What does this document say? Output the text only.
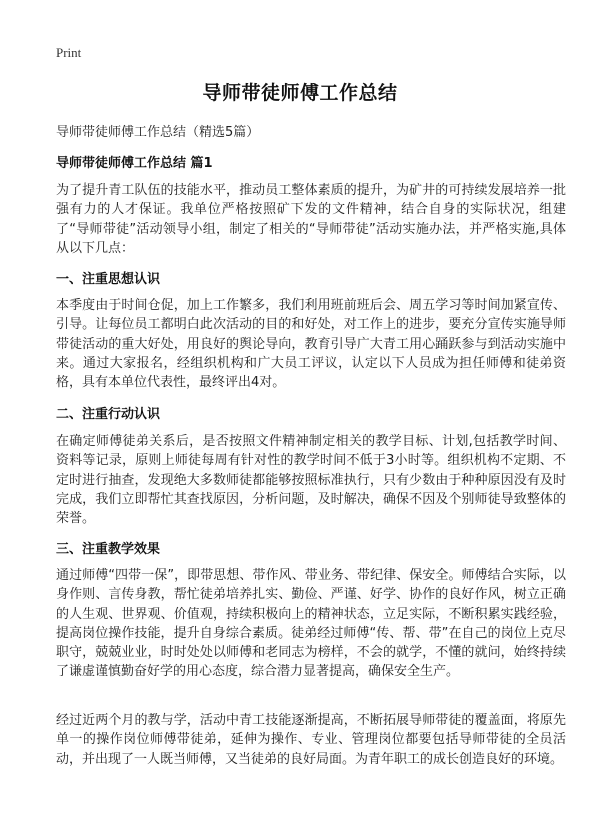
Print
导师带徒师傅工作总结
导师带徒师傅工作总结（精选5篇）
导师带徒师傅工作总结 篇1

为了提升青工队伍的技能水平，推动员工整体素质的提升，为矿井的可持续发展培养一批强有力的人才保证。我单位严格按照矿下发的文件精神，结合自身的实际状况，组建了“导师带徒”活动领导小组，制定了相关的“导师带徒”活动实施办法，并严格实施,具体从以下几点：

一、注重思想认识

本季度由于时间仓促，加上工作繁多，我们利用班前班后会、周五学习等时间加紧宣传、引导。让每位员工都明白此次活动的目的和好处，对工作上的进步，要充分宣传实施导师带徒活动的重大好处，用良好的舆论导向，教育引导广大青工用心踊跃参与到活动实施中来。通过大家报名，经组织机构和广大员工评议，认定以下人员成为担任师傅和徒弟资格，具有本单位代表性，最终评出4对。

二、注重行动认识

在确定师傅徒弟关系后，是否按照文件精神制定相关的教学目标、计划,包括教学时间、资料等记录，原则上师徒每周有针对性的教学时间不低于3小时等。组织机构不定期、不定时进行抽查，发现绝大多数师徒都能够按照标准执行，只有少数由于种种原因没有及时完成，我们立即帮忙其查找原因，分析问题，及时解决，确保不因及个别师徒导致整体的荣誉。

三、注重教学效果

通过师傅“四带一保”，即带思想、带作风、带业务、带纪律、保安全。师傅结合实际，以身作则、言传身教，帮忙徒弟培养扎实、勤俭、严谨、好学、协作的良好作风，树立正确的人生观、世界观、价值观，持续积极向上的精神状态，立足实际，不断积累实践经验，提高岗位操作技能，提升自身综合素质。徒弟经过师傅“传、帮、带”在自己的岗位上克尽职守，兢兢业业，时时处处以师傅和老同志为榜样，不会的就学，不懂的就问，始终持续了谦虚谨慎勤奋好学的用心态度，综合潜力显著提高，确保安全生产。

经过近两个月的教与学，活动中青工技能逐渐提高，不断拓展导师带徒的覆盖面，将原先单一的操作岗位师傅带徒弟，延伸为操作、专业、管理岗位都要包括导师带徒的全员活动，并出现了一人既当师傅，又当徒弟的良好局面。为青年职工的成长创造良好的环境。
